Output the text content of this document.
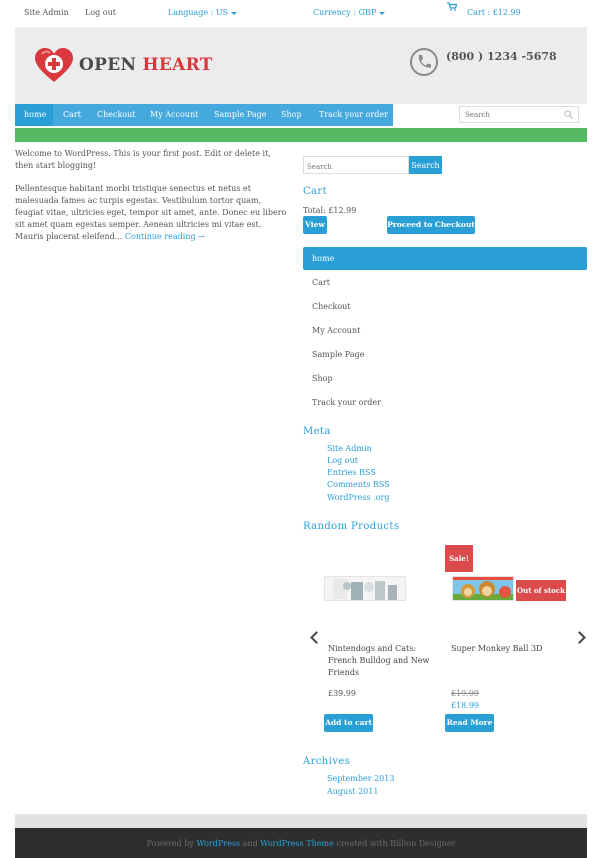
Site Admin Log out	Language : US	Currency : GBP	Cart : £12.99
OPEN HEART	(800 ) 1234 -5678
home	Cart Checkout My Account Sample Page Shop Track your order
Search
Welcome to WordPress. This is your first post. Edit or delete it, then start blogging!
Pellentesque habitant morbi tristique senectus et netus et malesuada fames ac turpis egestas. Vestibulum tortor quam, feugiat vitae, ultricies eget, tempor sit amet, ante. Donec eu libero sit amet quam egestas semper. Aenean ultricies mi vitae est. Mauris placerat eleifend... Continue reading →
Search
Search
Cart
Total: £12.99
View	Proceed to Checkout
home
Cart
Checkout
My Account
Sample Page
Shop
Track your order
Meta
Site Admin
Log out
Entries RSS
Comments RSS
WordPress .org
Random Products
Sale!
Out of stock
Nintendogs and Cats: French Bulldog and New Friends
Super Monkey Ball 3D
£39.99	£19.99
£18.99
Add to cart	Read More
Archives
September 2013
August 2011
Powered by WordPress and WordPress Theme created with Billion Designer
